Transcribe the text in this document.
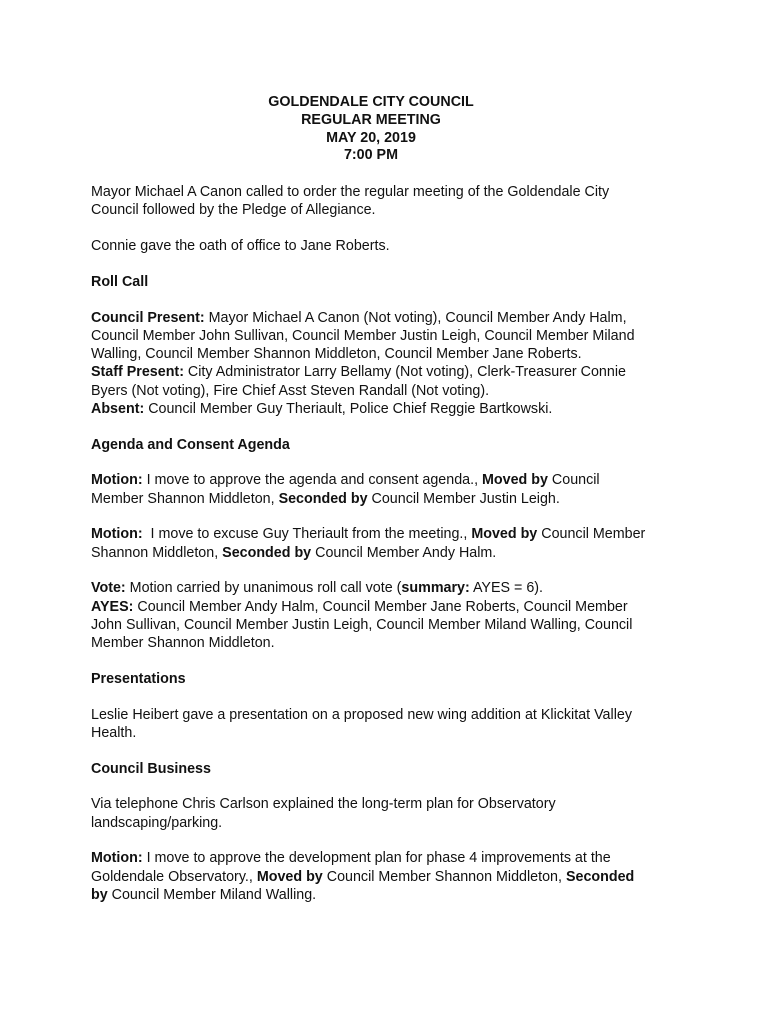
GOLDENDALE CITY COUNCIL
REGULAR MEETING
MAY 20, 2019
7:00 PM

Mayor Michael A Canon called to order the regular meeting of the Goldendale City
Council followed by the Pledge of Allegiance.

Connie gave the oath of office to Jane Roberts.

Roll Call

Council Present: Mayor Michael A Canon (Not voting), Council Member Andy Halm,
Council Member John Sullivan, Council Member Justin Leigh, Council Member Miland
Walling, Council Member Shannon Middleton, Council Member Jane Roberts.
Staff Present: City Administrator Larry Bellamy (Not voting), Clerk-Treasurer Connie
Byers (Not voting), Fire Chief Asst Steven Randall (Not voting).
Absent: Council Member Guy Theriault, Police Chief Reggie Bartkowski.

Agenda and Consent Agenda

Motion: I move to approve the agenda and consent agenda., Moved by Council
Member Shannon Middleton, Seconded by Council Member Justin Leigh.

Motion:  I move to excuse Guy Theriault from the meeting., Moved by Council Member
Shannon Middleton, Seconded by Council Member Andy Halm.

Vote: Motion carried by unanimous roll call vote (summary: AYES = 6).
AYES: Council Member Andy Halm, Council Member Jane Roberts, Council Member
John Sullivan, Council Member Justin Leigh, Council Member Miland Walling, Council
Member Shannon Middleton.

Presentations

Leslie Heibert gave a presentation on a proposed new wing addition at Klickitat Valley
Health.

Council Business

Via telephone Chris Carlson explained the long-term plan for Observatory
landscaping/parking.

Motion: I move to approve the development plan for phase 4 improvements at the
Goldendale Observatory., Moved by Council Member Shannon Middleton, Seconded
by Council Member Miland Walling.
